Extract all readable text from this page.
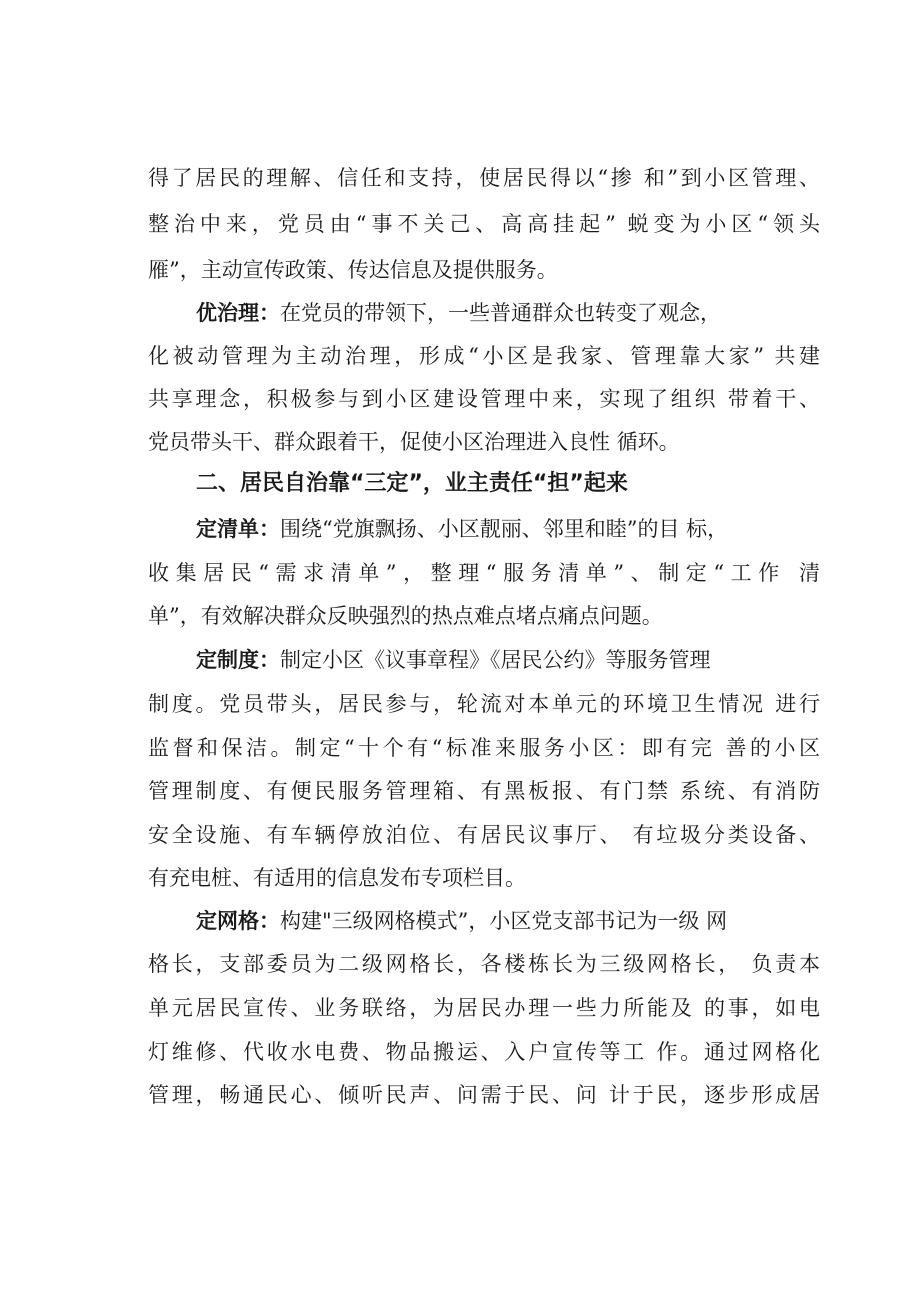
得了居民的理解、信任和支持，使居民得以“掺 和”到小区管理、
整治中来，党员由“事不关己、高高挂起” 蜕变为小区“领头
雁”，主动宣传政策、传达信息及提供服务。
优治理：在党员的带领下，一些普通群众也转变了观念，
化被动管理为主动治理，形成“小区是我家、管理靠大家” 共建
共享理念，积极参与到小区建设管理中来，实现了组织 带着干、
党员带头干、群众跟着干，促使小区治理进入良性 循环。
二、居民自治靠“三定”，业主责任“担”起来
定清单：围绕“党旗飘扬、小区靓丽、邻里和睦”的目 标，
收集居民“需求清单”，整理“服务清单”、制定“工作 清
单”，有效解决群众反映强烈的热点难点堵点痛点问题。
定制度：制定小区《议事章程》《居民公约》等服务管理
制度。党员带头，居民参与，轮流对本单元的环境卫生情况 进行
监督和保洁。制定“十个有“标准来服务小区：即有完 善的小区
管理制度、有便民服务管理箱、有黑板报、有门禁 系统、有消防
安全设施、有车辆停放泊位、有居民议事厅、 有垃圾分类设备、
有充电桩、有适用的信息发布专项栏目。
定网格：构建"三级网格模式”，小区党支部书记为一级 网
格长，支部委员为二级网格长，各楼栋长为三级网格长， 负责本
单元居民宣传、业务联络，为居民办理一些力所能及 的事，如电
灯维修、代收水电费、物品搬运、入户宣传等工 作。通过网格化
管理，畅通民心、倾听民声、问需于民、问 计于民，逐步形成居
